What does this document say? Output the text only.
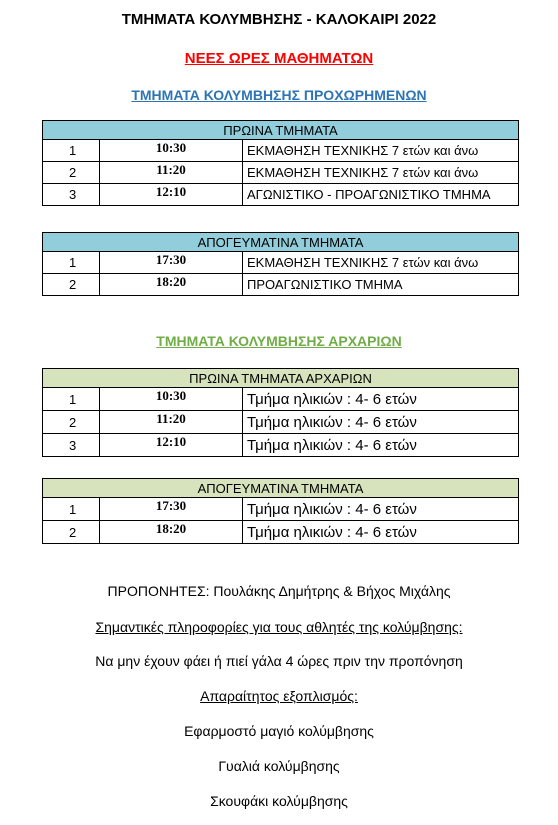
ΤΜΗΜΑΤΑ ΚΟΛΥΜΒΗΣΗΣ - ΚΑΛΟΚΑΙΡΙ 2022
ΝΕΕΣ ΩΡΕΣ ΜΑΘΗΜΑΤΩΝ
ΤΜΗΜΑΤΑ ΚΟΛΥΜΒΗΣΗΣ ΠΡΟΧΩΡΗΜΕΝΩΝ
ΠΡΩΙΝΑ ΤΜΗΜΑΤΑ		
1	10:30	ΕΚΜΑΘΗΣΗ ΤΕΧΝΙΚΗΣ 7 ετών και άνω
2	11:20	ΕΚΜΑΘΗΣΗ ΤΕΧΝΙΚΗΣ 7 ετών και άνω
3	12:10	ΑΓΩΝΙΣΤΙΚΟ - ΠΡΟΑΓΩΝΙΣΤΙΚΟ ΤΜΗΜΑ
ΑΠΟΓΕΥΜΑΤΙΝΑ ΤΜΗΜΑΤΑ		
1	17:30	ΕΚΜΑΘΗΣΗ ΤΕΧΝΙΚΗΣ 7 ετών και άνω
2	18:20	ΠΡΟΑΓΩΝΙΣΤΙΚΟ ΤΜΗΜΑ
ΤΜΗΜΑΤΑ ΚΟΛΥΜΒΗΣΗΣ ΑΡΧΑΡΙΩΝ
ΠΡΩΙΝΑ ΤΜΗΜΑΤΑ ΑΡΧΑΡΙΩΝ		
1	10:30	Τμήμα ηλικιών : 4- 6 ετών
2	11:20	Τμήμα ηλικιών : 4- 6 ετών
3	12:10	Τμήμα ηλικιών : 4- 6 ετών
ΑΠΟΓΕΥΜΑΤΙΝΑ ΤΜΗΜΑΤΑ		
1	17:30	Τμήμα ηλικιών : 4- 6 ετών
2	18:20	Τμήμα ηλικιών : 4- 6 ετών
ΠΡΟΠΟΝΗΤΕΣ: Πουλάκης Δημήτρης & Βήχος Μιχάλης
Σημαντικές πληροφορίες για τους αθλητές της κολύμβησης:
Να μην έχουν φάει ή πιεί γάλα 4 ώρες πριν την προπόνηση
Απαραίτητος εξοπλισμός:
Εφαρμοστό μαγιό κολύμβησης
Γυαλιά κολύμβησης
Σκουφάκι κολύμβησης
